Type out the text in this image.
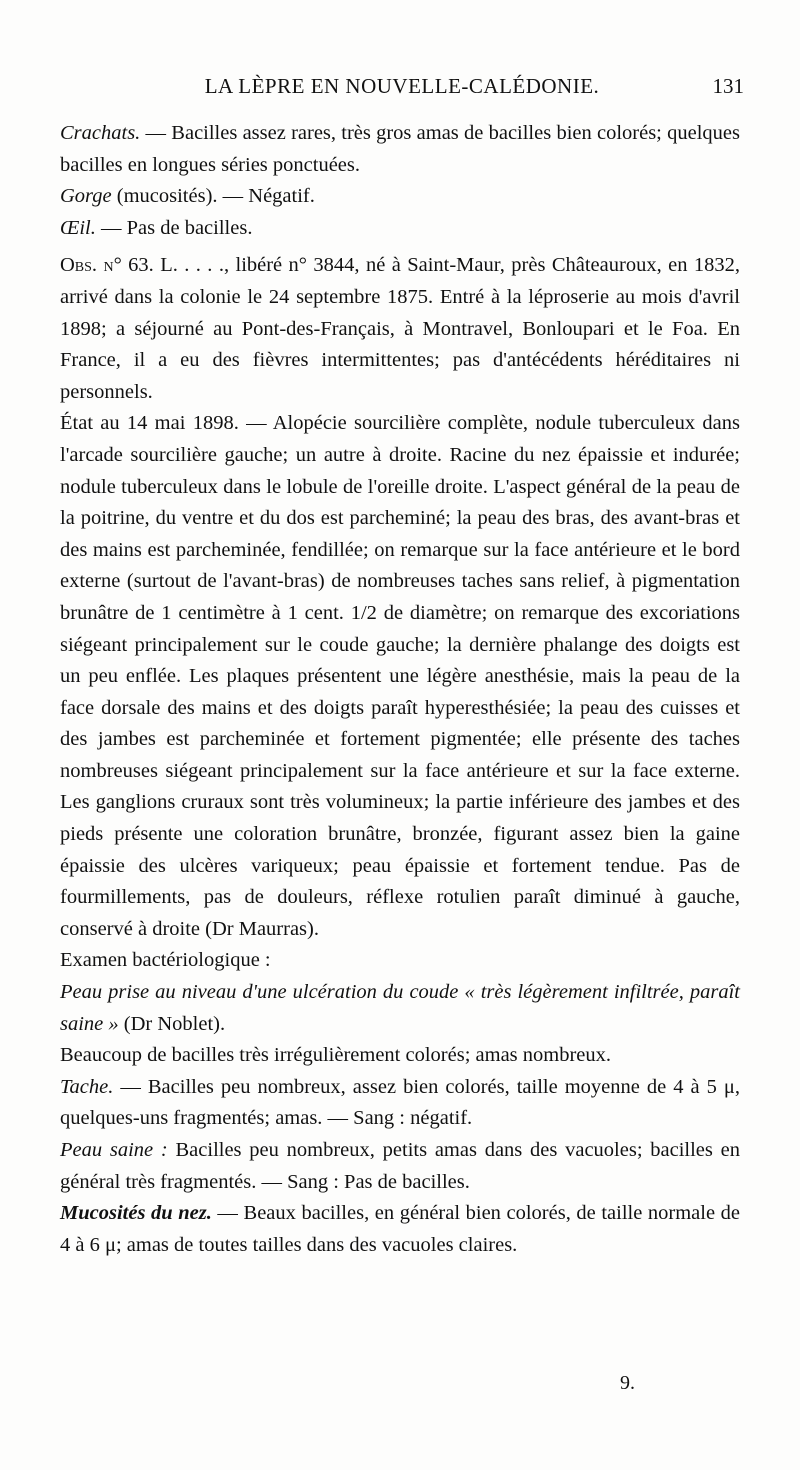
LA LÈPRE EN NOUVELLE-CALÉDONIE.	131

Crachats. — Bacilles assez rares, très gros amas de bacilles bien colorés; quelques bacilles en longues séries ponctuées.

Gorge (mucosités). — Négatif.

Œil. — Pas de bacilles.

Obs. n° 63. L. . . . ., libéré n° 3844, né à Saint-Maur, près Châteauroux, en 1832, arrivé dans la colonie le 24 septembre 1875. Entré à la léproserie au mois d'avril 1898; a séjourné au Pont-des-Français, à Montravel, Bonloupari et le Foa. En France, il a eu des fièvres intermittentes; pas d'antécédents héréditaires ni personnels.

État au 14 mai 1898. — Alopécie sourcilière complète, nodule tuberculeux dans l'arcade sourcilière gauche; un autre à droite. Racine du nez épaissie et indurée; nodule tuberculeux dans le lobule de l'oreille droite. L'aspect général de la peau de la poitrine, du ventre et du dos est parcheminé; la peau des bras, des avant-bras et des mains est parcheminée, fendillée; on remarque sur la face antérieure et le bord externe (surtout de l'avant-bras) de nombreuses taches sans relief, à pigmentation brunâtre de 1 centimètre à 1 cent. 1/2 de diamètre; on remarque des excoriations siégeant principalement sur le coude gauche; la dernière phalange des doigts est un peu enflée. Les plaques présentent une légère anesthésie, mais la peau de la face dorsale des mains et des doigts paraît hyperesthésiée; la peau des cuisses et des jambes est parcheminée et fortement pigmentée; elle présente des taches nombreuses siégeant principalement sur la face antérieure et sur la face externe. Les ganglions cruraux sont très volumineux; la partie inférieure des jambes et des pieds présente une coloration brunâtre, bronzée, figurant assez bien la gaine épaissie des ulcères variqueux; peau épaissie et fortement tendue. Pas de fourmillements, pas de douleurs, réflexe rotulien paraît diminué à gauche, conservé à droite (Dr Maurras).

Examen bactériologique :

Peau prise au niveau d'une ulcération du coude « très légèrement infiltrée, paraît saine » (Dr Noblet).

Beaucoup de bacilles très irrégulièrement colorés; amas nombreux.

Tache. — Bacilles peu nombreux, assez bien colorés, taille moyenne de 4 à 5 μ, quelques-uns fragmentés; amas. — Sang : négatif.

Peau saine : Bacilles peu nombreux, petits amas dans des vacuoles; bacilles en général très fragmentés. — Sang : Pas de bacilles.

Mucosités du nez. — Beaux bacilles, en général bien colorés, de taille normale de 4 à 6 μ; amas de toutes tailles dans des vacuoles claires.

9.
